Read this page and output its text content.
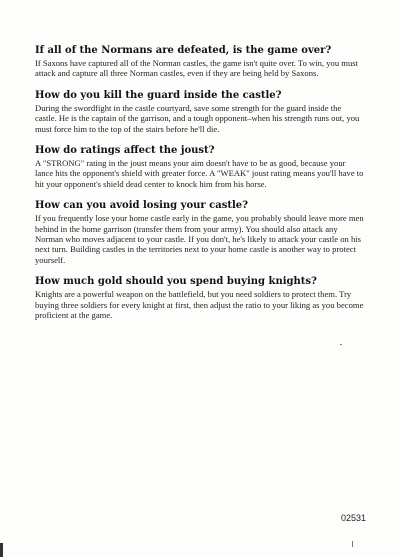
If all of the Normans are defeated, is the game over?

If Saxons have captured all of the Norman castles, the game isn't quite over. To win, you must attack and capture all three Norman castles, even if they are being held by Saxons.

How do you kill the guard inside the castle?

During the swordfight in the castle courtyard, save some strength for the guard inside the castle. He is the captain of the garrison, and a tough opponent–when his strength runs out, you must force him to the top of the stairs before he'll die.

How do ratings affect the joust?

A "STRONG" rating in the joust means your aim doesn't have to be as good, because your lance hits the opponent's shield with greater force. A "WEAK" joust rating means you'll have to hit your opponent's shield dead center to knock him from his horse.

How can you avoid losing your castle?

If you frequently lose your home castle early in the game, you probably should leave more men behind in the home garrison (transfer them from your army). You should also attack any Norman who moves adjacent to your castle. If you don't, he's likely to attack your castle on his next turn. Building castles in the territories next to your home castle is another way to protect yourself.

How much gold should you spend buying knights?

Knights are a powerful weapon on the battlefield, but you need soldiers to protect them. Try buying three soldiers for every knight at first, then adjust the ratio to your liking as you become proficient at the game.

02531
